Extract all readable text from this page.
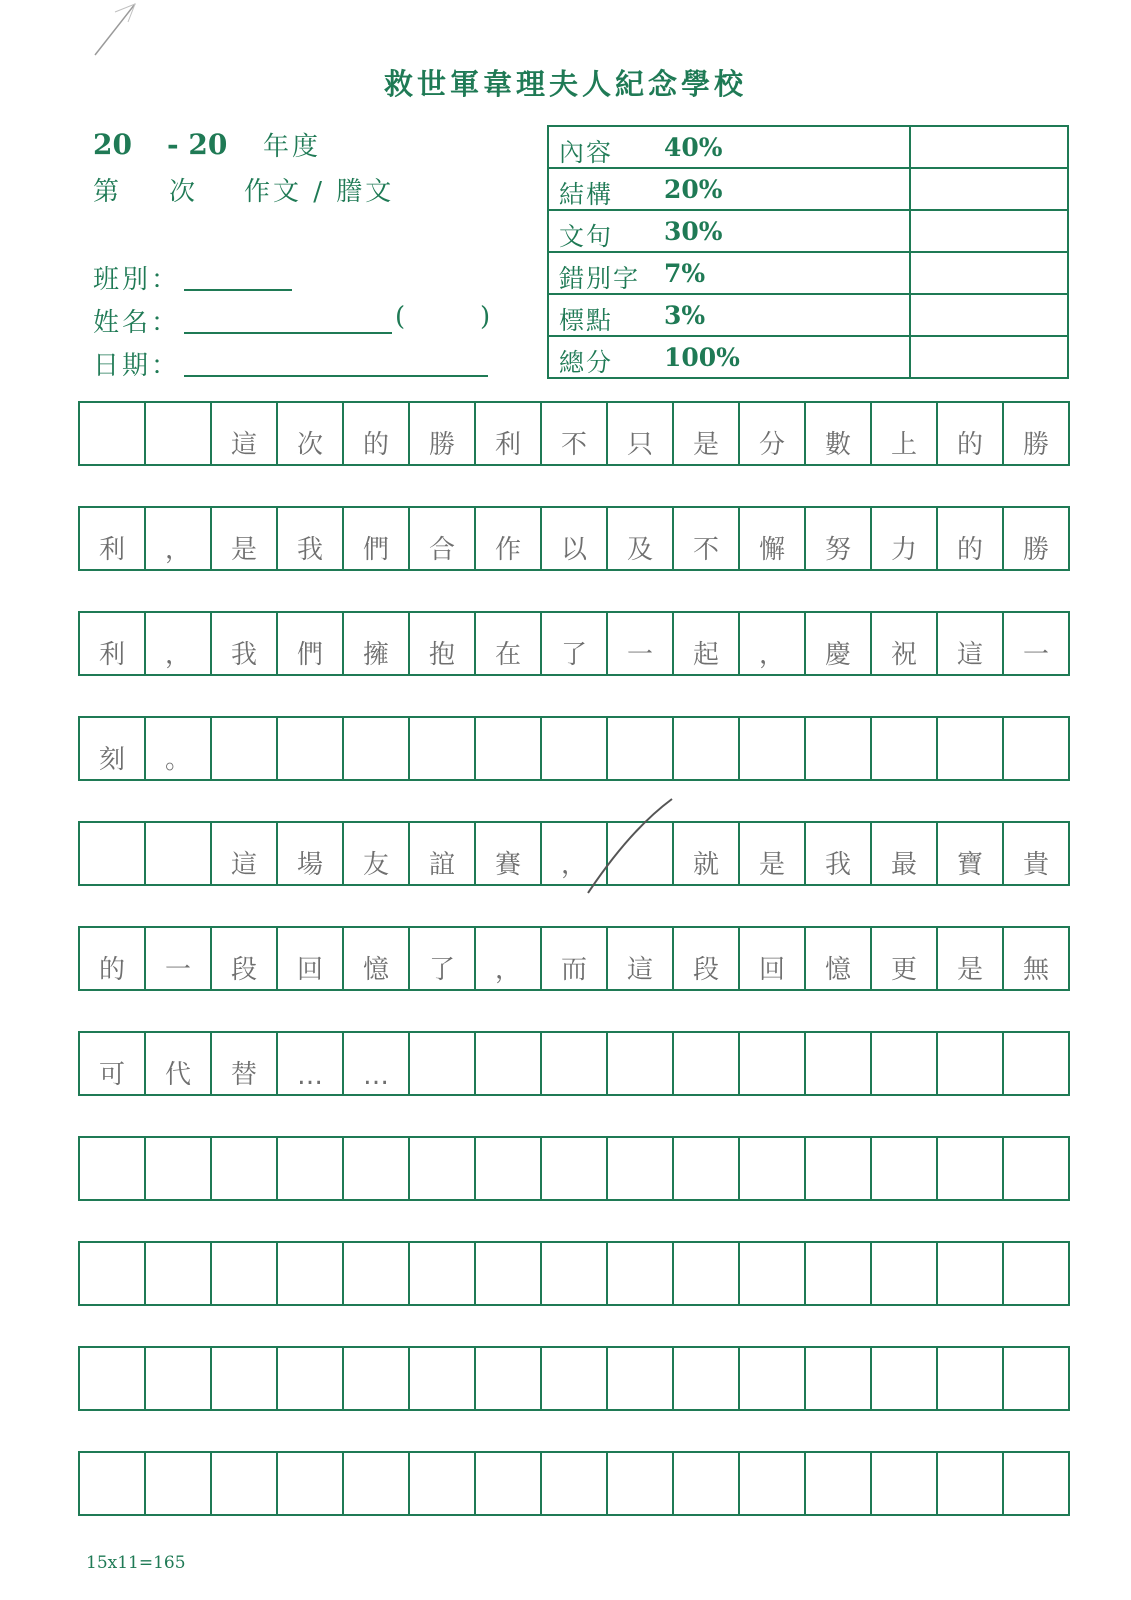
救世軍韋理夫人紀念學校
20 - 20 年度
第 次 作文 / 謄文
班別：
姓名：	(	)
日期：
內容 40%	

結構 20%	

文句 30%	

錯別字 7%	

標點 3%	

總分 100%	

這	次	的	勝	利	不	只	是	分	數	上	的	勝
利	，	是	我	們	合	作	以	及	不	懈	努	力	的	勝
利	，	我	們	擁	抱	在	了	一	起	，	慶	祝	這	一
刻	。
這	場	友	誼	賽	，	就	是	我	最	寶	貴
的	一	段	回	憶	了	，	而	這	段	回	憶	更	是	無
可	代	替	…	…
15x11=165
